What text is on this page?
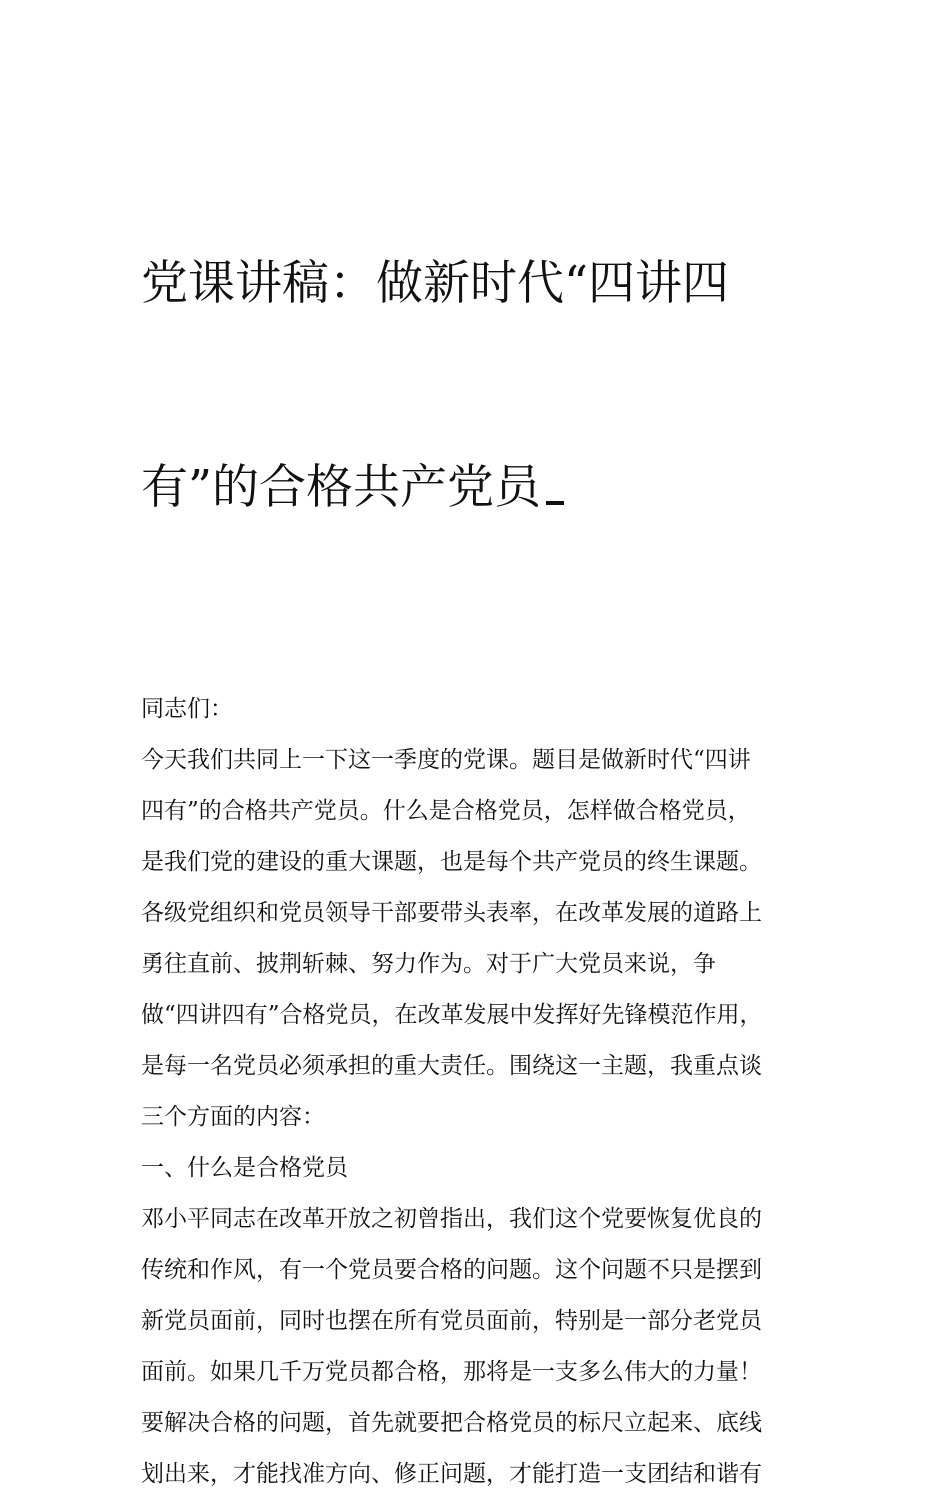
党课讲稿：做新时代“四讲四

有”的合格共产党员

同志们：
今天我们共同上一下这一季度的党课。题目是做新时代“四讲
四有”的合格共产党员。什么是合格党员，怎样做合格党员，
是我们党的建设的重大课题，也是每个共产党员的终生课题。
各级党组织和党员领导干部要带头表率，在改革发展的道路上
勇往直前、披荆斩棘、努力作为。对于广大党员来说，争
做“四讲四有”合格党员，在改革发展中发挥好先锋模范作用，
是每一名党员必须承担的重大责任。围绕这一主题，我重点谈
三个方面的内容：
一、什么是合格党员
邓小平同志在改革开放之初曾指出，我们这个党要恢复优良的
传统和作风，有一个党员要合格的问题。这个问题不只是摆到
新党员面前，同时也摆在所有党员面前，特别是一部分老党员
面前。如果几千万党员都合格，那将是一支多么伟大的力量！
要解决合格的问题，首先就要把合格党员的标尺立起来、底线
划出来，才能找准方向、修正问题，才能打造一支团结和谐有
